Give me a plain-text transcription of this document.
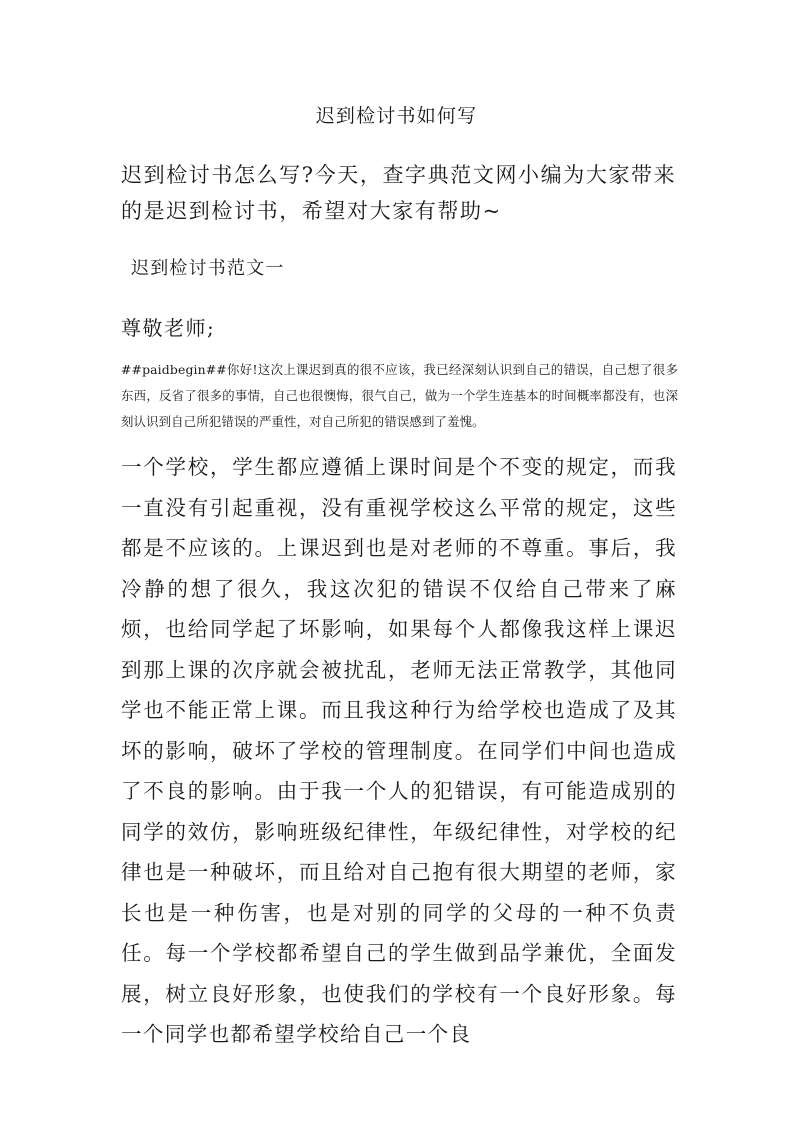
迟到检讨书如何写
迟到检讨书怎么写?今天，查字典范文网小编为大家带来的是迟到检讨书，希望对大家有帮助~
迟到检讨书范文一
尊敬老师;
##paidbegin##你好!这次上课迟到真的很不应该，我已经深刻认识到自己的错误，自己想了很多东西，反省了很多的事情，自己也很懊悔，很气自己，做为一个学生连基本的时间概率都没有，也深刻认识到自己所犯错误的严重性，对自己所犯的错误感到了羞愧。
一个学校，学生都应遵循上课时间是个不变的规定，而我一直没有引起重视，没有重视学校这么平常的规定，这些都是不应该的。上课迟到也是对老师的不尊重。事后，我冷静的想了很久，我这次犯的错误不仅给自己带来了麻烦，也给同学起了坏影响，如果每个人都像我这样上课迟到那上课的次序就会被扰乱，老师无法正常教学，其他同学也不能正常上课。而且我这种行为给学校也造成了及其坏的影响，破坏了学校的管理制度。在同学们中间也造成了不良的影响。由于我一个人的犯错误，有可能造成别的同学的效仿，影响班级纪律性，年级纪律性，对学校的纪律也是一种破坏，而且给对自己抱有很大期望的老师，家长也是一种伤害，也是对别的同学的父母的一种不负责任。每一个学校都希望自己的学生做到品学兼优，全面发展，树立良好形象，也使我们的学校有一个良好形象。每一个同学也都希望学校给自己一个良
